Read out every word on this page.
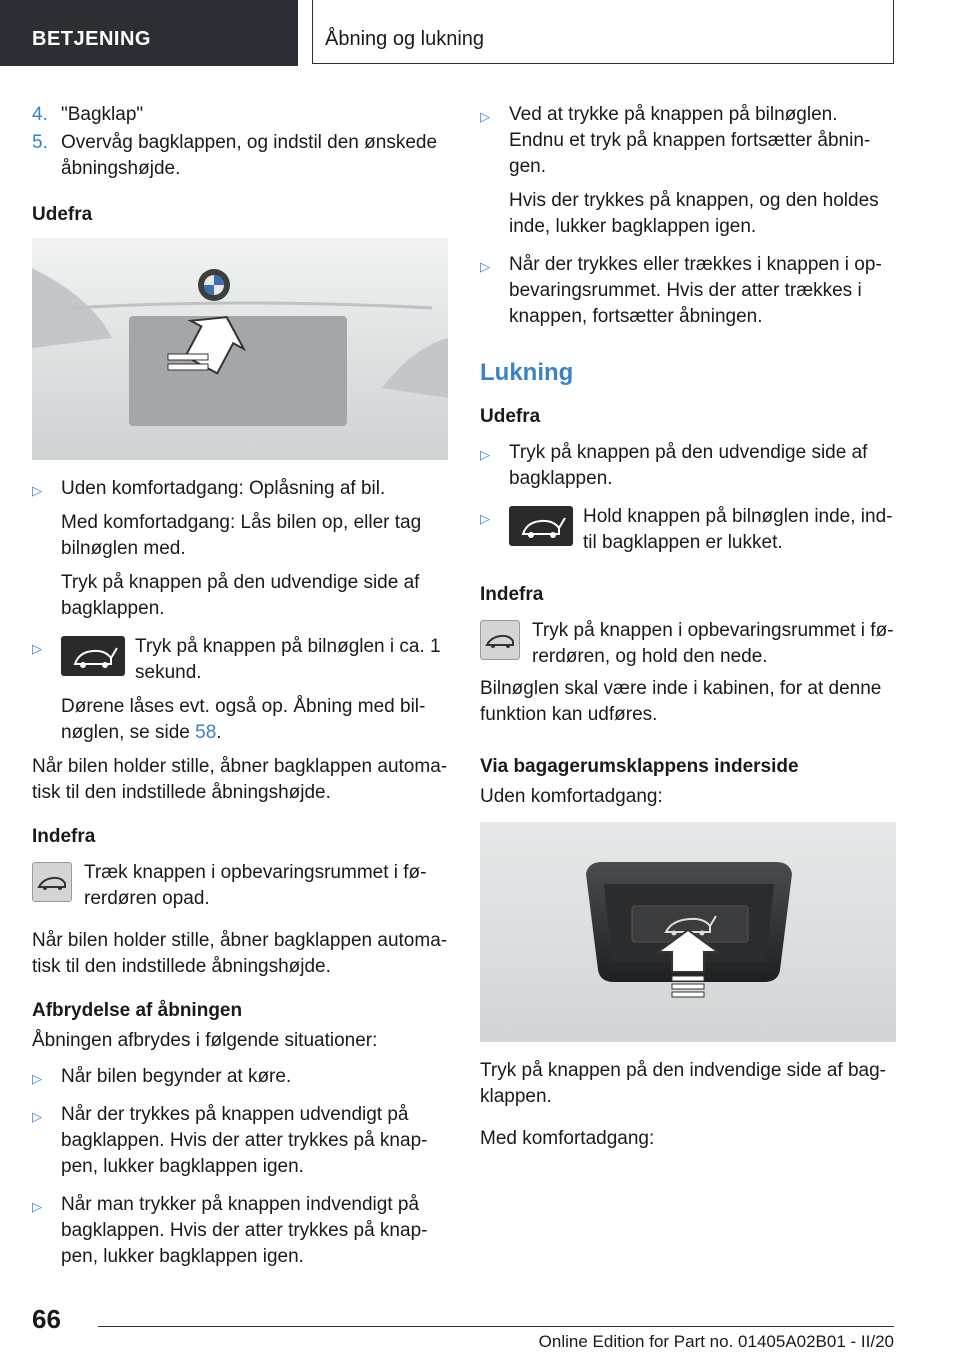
BETJENING	Åbning og lukning
4. "Bagklap"
5. Overvåg bagklappen, og indstil den ønskede åbningshøjde.
Udefra
▷	Uden komfortadgang: Oplåsning af bil.

Med komfortadgang: Lås bilen op, eller tag bilnøglen med.

Tryk på knappen på den udvendige side af bagklappen.

▷	Tryk på knappen på bilnøglen i ca. 1 sekund.

Dørene låses evt. også op. Åbning med bilnøglen, se side 58.

Når bilen holder stille, åbner bagklappen automatisk til den indstillede åbningshøjde.

Indefra
Træk knappen i opbevaringsrummet i førerdøren opad.

Når bilen holder stille, åbner bagklappen automatisk til den indstillede åbningshøjde.

Afbrydelse af åbningen

Åbningen afbrydes i følgende situationer:

▷	Når bilen begynder at køre.

▷	Når der trykkes på knappen udvendigt på bagklappen. Hvis der atter trykkes på knappen, lukker bagklappen igen.

▷	Når man trykker på knappen indvendigt på bagklappen. Hvis der atter trykkes på knappen, lukker bagklappen igen.

▷	Ved at trykke på knappen på bilnøglen. Endnu et tryk på knappen fortsætter åbningen.

Hvis der trykkes på knappen, og den holdes inde, lukker bagklappen igen.

▷	Når der trykkes eller trækkes i knappen i opbevaringsrummet. Hvis der atter trækkes i knappen, fortsætter åbningen.

Lukning
Udefra
▷	Tryk på knappen på den udvendige side af bagklappen.

▷	Hold knappen på bilnøglen inde, indtil bagklappen er lukket.
Indefra
Tryk på knappen i opbevaringsrummet i førerdøren, og hold den nede.

Bilnøglen skal være inde i kabinen, for at denne funktion kan udføres.

Via bagagerumsklappens inderside

Uden komfortadgang:

Tryk på knappen på den indvendige side af bagklappen.

Med komfortadgang:

66
Online Edition for Part no. 01405A02B01 - II/20
